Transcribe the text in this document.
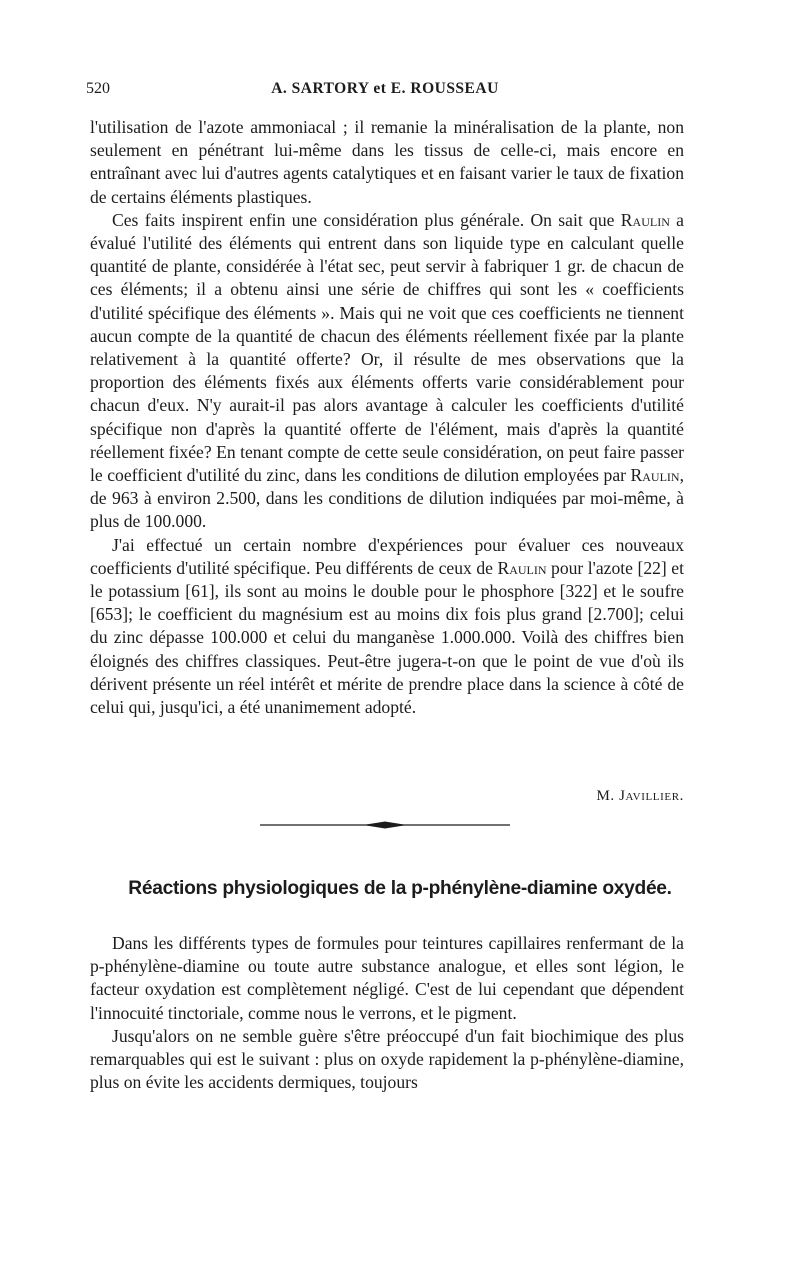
520	A. SARTORY et E. ROUSSEAU

l'utilisation de l'azote ammoniacal ; il remanie la minéralisation de la plante, non seulement en pénétrant lui-même dans les tissus de celle-ci, mais encore en entraînant avec lui d'autres agents catalytiques et en faisant varier le taux de fixation de certains éléments plastiques.

Ces faits inspirent enfin une considération plus générale. On sait que Raulin a évalué l'utilité des éléments qui entrent dans son liquide type en calculant quelle quantité de plante, considérée à l'état sec, peut servir à fabriquer 1 gr. de chacun de ces éléments; il a obtenu ainsi une série de chiffres qui sont les « coefficients d'utilité spécifique des éléments ». Mais qui ne voit que ces coefficients ne tiennent aucun compte de la quantité de chacun des éléments réellement fixée par la plante relativement à la quantité offerte? Or, il résulte de mes observations que la proportion des éléments fixés aux éléments offerts varie considérablement pour chacun d'eux. N'y aurait-il pas alors avantage à calculer les coefficients d'utilité spécifique non d'après la quantité offerte de l'élément, mais d'après la quantité réellement fixée? En tenant compte de cette seule considération, on peut faire passer le coefficient d'utilité du zinc, dans les conditions de dilution employées par Raulin, de 963 à environ 2.500, dans les conditions de dilution indiquées par moi-même, à plus de 100.000.

J'ai effectué un certain nombre d'expériences pour évaluer ces nouveaux coefficients d'utilité spécifique. Peu différents de ceux de Raulin pour l'azote [22] et le potassium [61], ils sont au moins le double pour le phosphore [322] et le soufre [653]; le coefficient du magnésium est au moins dix fois plus grand [2.700]; celui du zinc dépasse 100.000 et celui du manganèse 1.000.000. Voilà des chiffres bien éloignés des chiffres classiques. Peut-être jugera-t-on que le point de vue d'où ils dérivent présente un réel intérêt et mérite de prendre place dans la science à côté de celui qui, jusqu'ici, a été unanimement adopté.

M. Javillier.
Réactions physiologiques de la p-phénylène-diamine oxydée.

Dans les différents types de formules pour teintures capillaires renfermant de la p-phénylène-diamine ou toute autre substance analogue, et elles sont légion, le facteur oxydation est complètement négligé. C'est de lui cependant que dépendent l'innocuité tinctoriale, comme nous le verrons, et le pigment.

Jusqu'alors on ne semble guère s'être préoccupé d'un fait biochimique des plus remarquables qui est le suivant : plus on oxyde rapidement la p-phénylène-diamine, plus on évite les accidents dermiques, toujours
